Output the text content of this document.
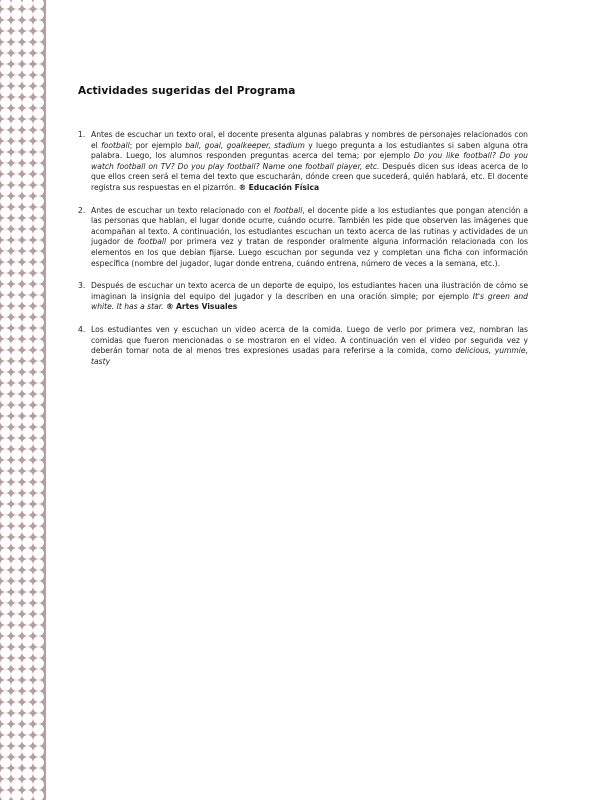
Actividades sugeridas del Programa
1. Antes de escuchar un texto oral, el docente presenta algunas palabras y nombres de personajes relacionados con el football; por ejemplo ball, goal, goalkeeper, stadium y luego pregunta a los estudiantes si saben alguna otra palabra. Luego, los alumnos responden preguntas acerca del tema; por ejemplo Do you like football? Do you watch football on TV? Do you play football? Name one football player, etc. Después dicen sus ideas acerca de lo que ellos creen será el tema del texto que escucharán, dónde creen que sucederá, quién hablará, etc. El docente registra sus respuestas en el pizarrón. ® Educación Física
2. Antes de escuchar un texto relacionado con el football, el docente pide a los estudiantes que pongan atención a las personas que hablan, el lugar donde ocurre, cuándo ocurre. También les pide que observen las imágenes que acompañan al texto. A continuación, los estudiantes escuchan un texto acerca de las rutinas y actividades de un jugador de football por primera vez y tratan de responder oralmente alguna información relacionada con los elementos en los que debían fijarse. Luego escuchan por segunda vez y completan una ficha con información específica (nombre del jugador, lugar donde entrena, cuándo entrena, número de veces a la semana, etc.).
3. Después de escuchar un texto acerca de un deporte de equipo, los estudiantes hacen una ilustración de cómo se imaginan la insignia del equipo del jugador y la describen en una oración simple; por ejemplo It's green and white. It has a star. ® Artes Visuales
4. Los estudiantes ven y escuchan un video acerca de la comida. Luego de verlo por primera vez, nombran las comidas que fueron mencionadas o se mostraron en el video. A continuación ven el video por segunda vez y deberán tomar nota de al menos tres expresiones usadas para referirse a la comida, como delicious, yummie, tasty
